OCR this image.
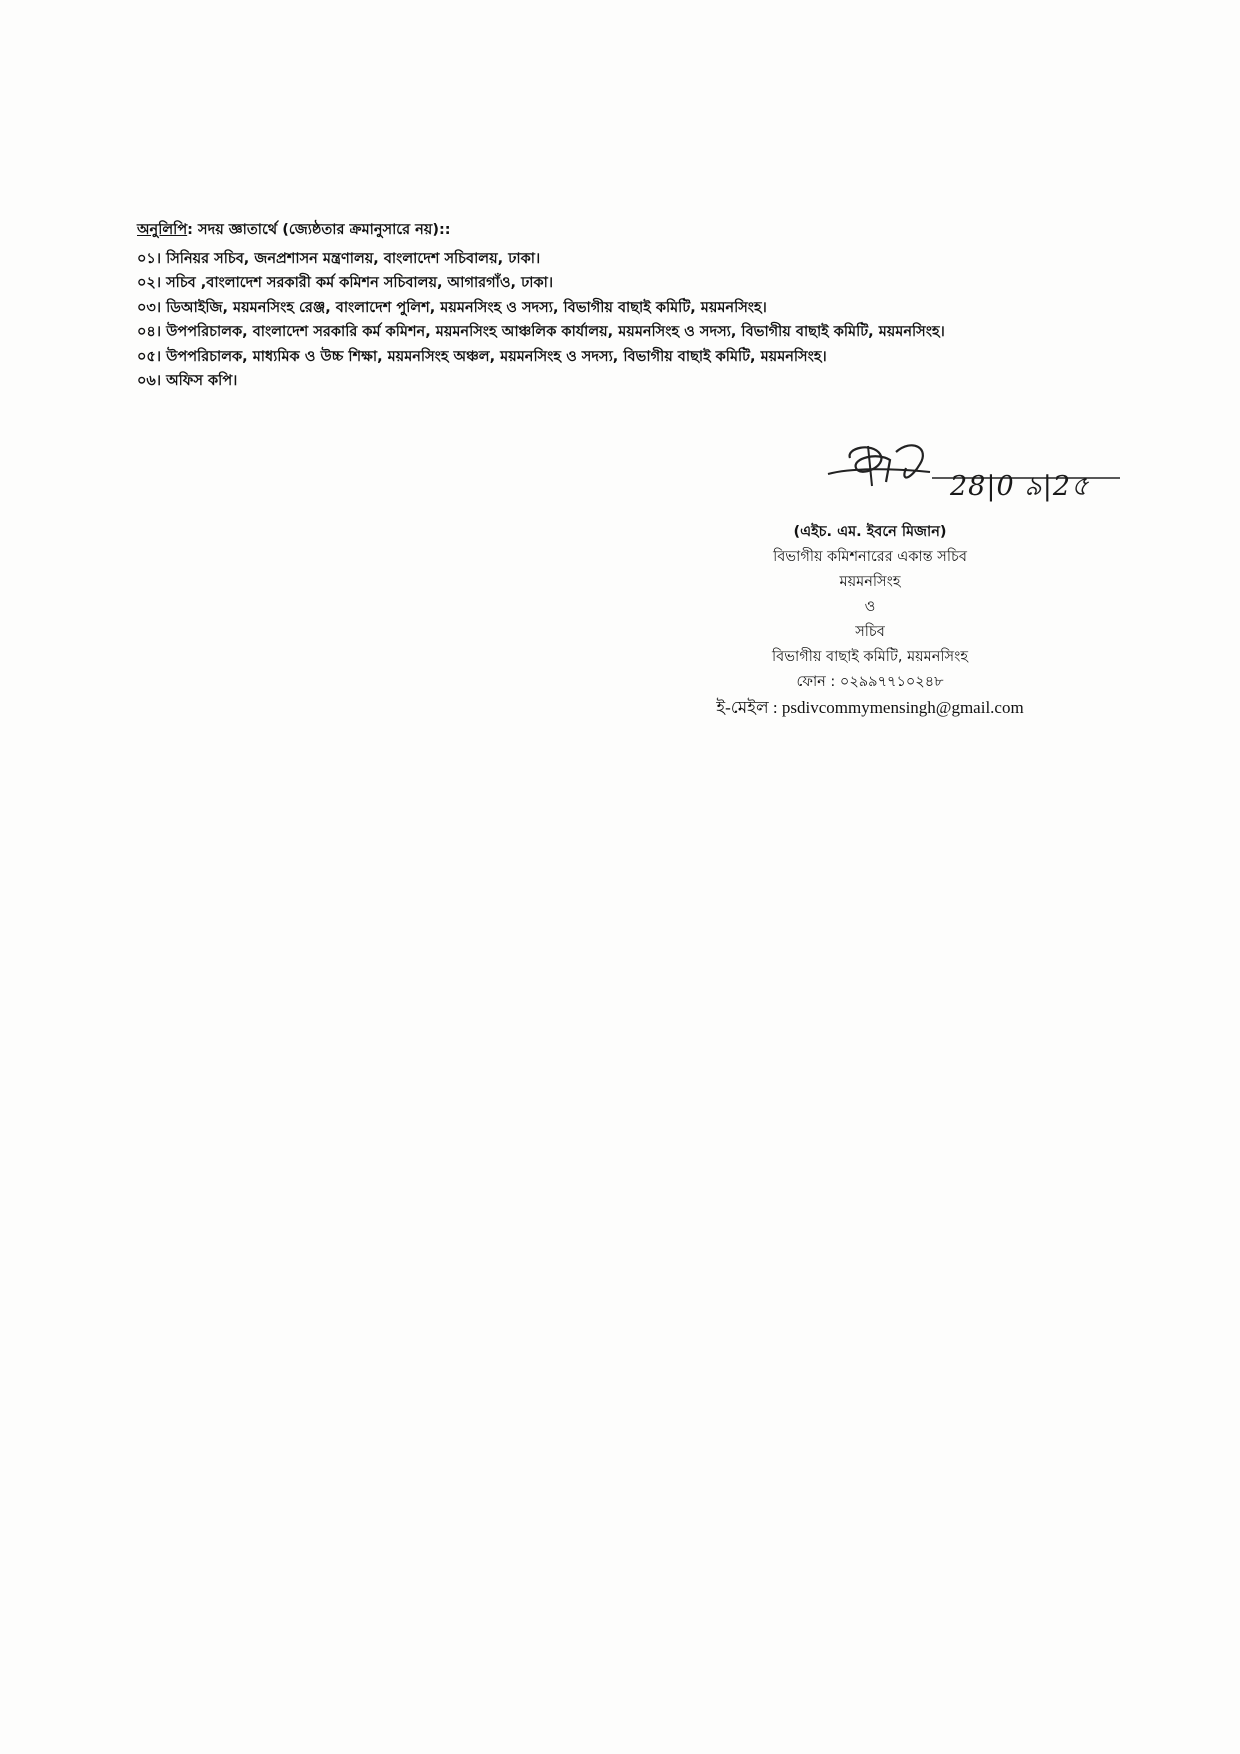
অনুলিপি: সদয় জ্ঞাতার্থে (জ্যেষ্ঠতার ক্রমানুসারে নয়)::
০১। সিনিয়র সচিব, জনপ্রশাসন মন্ত্রণালয়, বাংলাদেশ সচিবালয়, ঢাকা।
০২। সচিব ,বাংলাদেশ সরকারী কর্ম কমিশন সচিবালয়, আগারগাঁও, ঢাকা।
০৩। ডিআইজি, ময়মনসিংহ রেঞ্জ, বাংলাদেশ পুলিশ, ময়মনসিংহ ও সদস্য, বিভাগীয় বাছাই কমিটি, ময়মনসিংহ।
০৪। উপপরিচালক, বাংলাদেশ সরকারি কর্ম কমিশন, ময়মনসিংহ আঞ্চলিক কার্যালয়, ময়মনসিংহ ও সদস্য, বিভাগীয় বাছাই কমিটি, ময়মনসিংহ।
০৫। উপপরিচালক, মাধ্যমিক ও উচ্চ শিক্ষা, ময়মনসিংহ অঞ্চল, ময়মনসিংহ ও সদস্য, বিভাগীয় বাছাই কমিটি, ময়মনসিংহ।
০৬। অফিস কপি।
28|0 ৯|2৫
(এইচ. এম. ইবনে মিজান)
বিভাগীয় কমিশনারের একান্ত সচিব
ময়মনসিংহ
ও
সচিব
বিভাগীয় বাছাই কমিটি, ময়মনসিংহ
ফোন : ০২৯৯৭৭১০২৪৮
ই-মেইল : psdivcommymensingh@gmail.com
